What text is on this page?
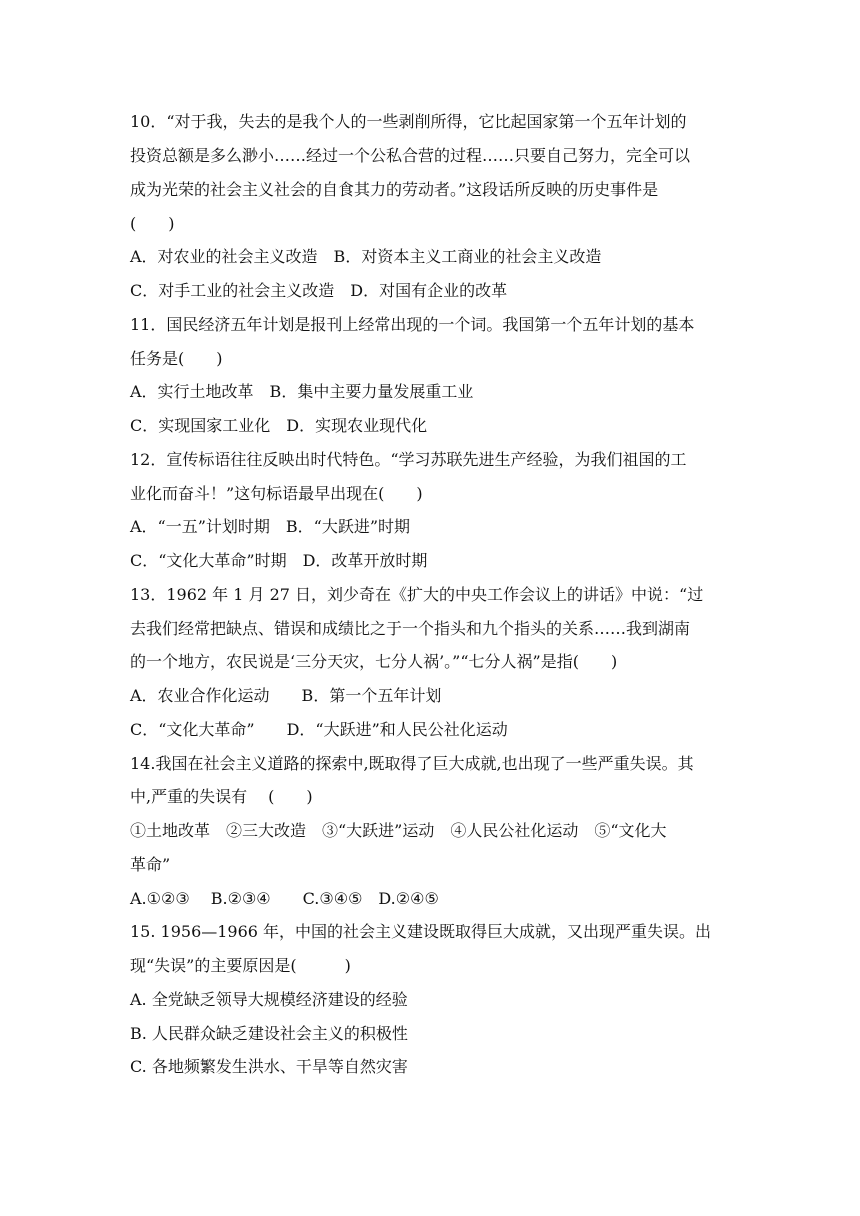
10．“对于我，失去的是我个人的一些剥削所得，它比起国家第一个五年计划的
投资总额是多么渺小……经过一个公私合营的过程……只要自己努力，完全可以
成为光荣的社会主义社会的自食其力的劳动者。”这段话所反映的历史事件是
(　　)
A．对农业的社会主义改造　B．对资本主义工商业的社会主义改造
C．对手工业的社会主义改造　D．对国有企业的改革
11．国民经济五年计划是报刊上经常出现的一个词。我国第一个五年计划的基本
任务是(　　)
A．实行土地改革　B．集中主要力量发展重工业
C．实现国家工业化　D．实现农业现代化
12．宣传标语往往反映出时代特色。“学习苏联先进生产经验，为我们祖国的工
业化而奋斗！”这句标语最早出现在(　　)
A．“一五”计划时期　B．“大跃进”时期
C．“文化大革命”时期　D．改革开放时期
13．1962 年 1 月 27 日，刘少奇在《扩大的中央工作会议上的讲话》中说：“过
去我们经常把缺点、错误和成绩比之于一个指头和九个指头的关系……我到湖南
的一个地方，农民说是‘三分天灾，七分人祸’。”“七分人祸”是指(　　)
A．农业合作化运动　　B．第一个五年计划
C．“文化大革命”　　D．“大跃进”和人民公社化运动
14.我国在社会主义道路的探索中,既取得了巨大成就,也出现了一些严重失误。其
中,严重的失误有　 (　　)
①土地改革　②三大改造　③“大跃进”运动　④人民公社化运动　⑤“文化大
革命”
A.①②③　 B.②③④　　C.③④⑤　D.②④⑤
15. 1956—1966 年，中国的社会主义建设既取得巨大成就，又出现严重失误。出
现“失误”的主要原因是(　　　)
A. 全党缺乏领导大规模经济建设的经验
B. 人民群众缺乏建设社会主义的积极性
C. 各地频繁发生洪水、干旱等自然灾害
